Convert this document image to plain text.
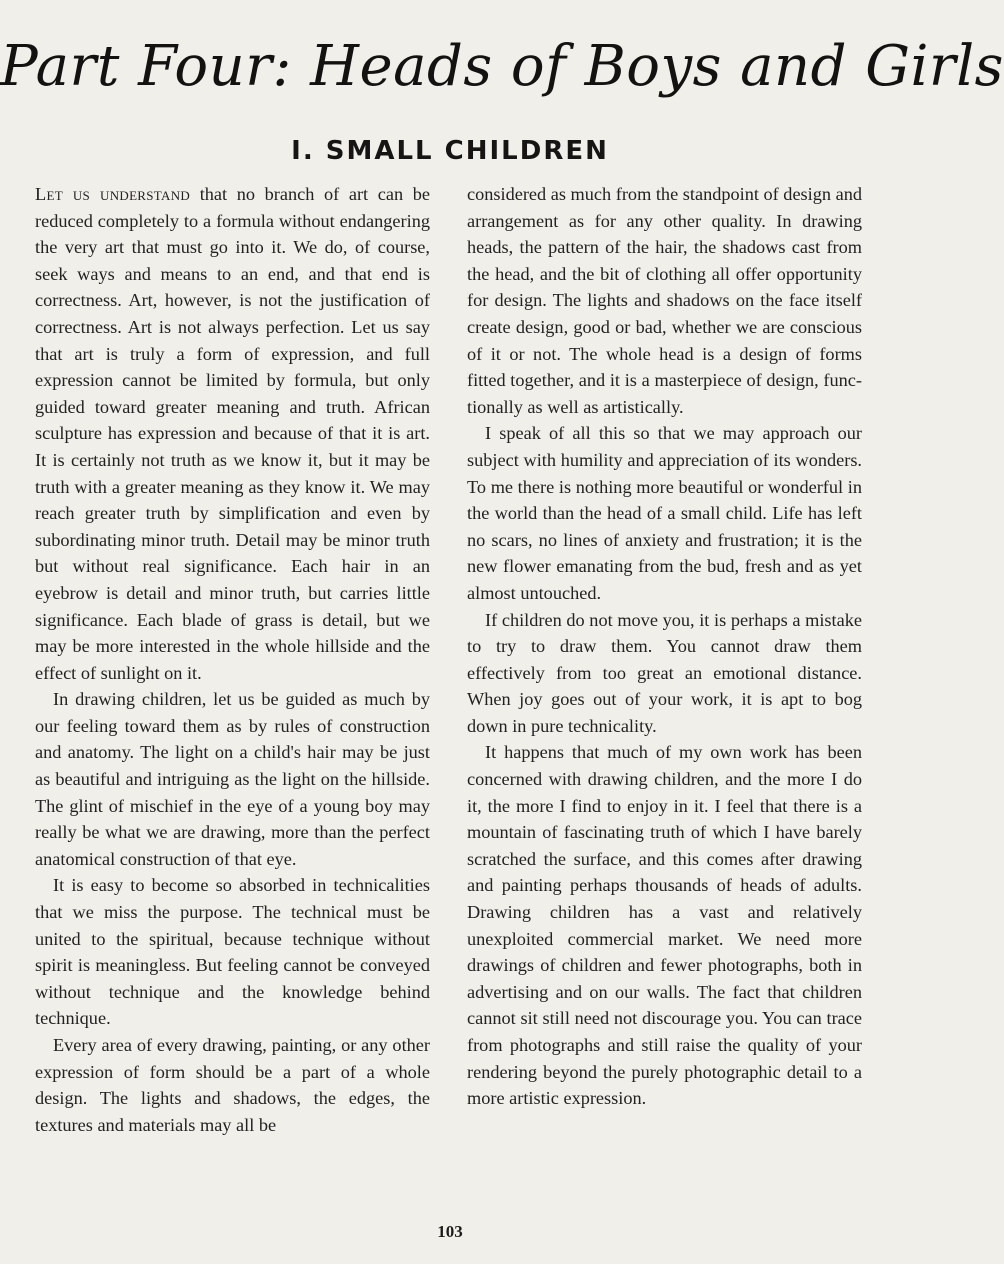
Part Four: Heads of Boys and Girls
I. SMALL CHILDREN

Let us understand that no branch of art can be reduced completely to a formula without endangering the very art that must go into it. We do, of course, seek ways and means to an end, and that end is correctness. Art, however, is not the justification of correctness. Art is not always perfection. Let us say that art is truly a form of expression, and full expression cannot be limited by formula, but only guided toward greater meaning and truth. African sculpture has expression and because of that it is art. It is certainly not truth as we know it, but it may be truth with a greater meaning as they know it. We may reach greater truth by simplification and even by subordinating minor truth. Detail may be minor truth but without real significance. Each hair in an eyebrow is detail and minor truth, but carries little significance. Each blade of grass is detail, but we may be more interested in the whole hillside and the effect of sunlight on it.

In drawing children, let us be guided as much by our feeling toward them as by rules of construction and anatomy. The light on a child's hair may be just as beautiful and intriguing as the light on the hillside. The glint of mischief in the eye of a young boy may really be what we are drawing, more than the perfect anatomical construction of that eye.

It is easy to become so absorbed in technicalities that we miss the purpose. The technical must be united to the spiritual, because technique without spirit is meaningless. But feeling cannot be conveyed without technique and the knowledge behind technique.

Every area of every drawing, painting, or any other expression of form should be a part of a whole design. The lights and shadows, the edges, the textures and materials may all be

considered as much from the standpoint of design and arrangement as for any other quality. In drawing heads, the pattern of the hair, the shadows cast from the head, and the bit of clothing all offer opportunity for design. The lights and shadows on the face itself create design, good or bad, whether we are conscious of it or not. The whole head is a design of forms fitted together, and it is a masterpiece of design, functionally as well as artistically.

I speak of all this so that we may approach our subject with humility and appreciation of its wonders. To me there is nothing more beautiful or wonderful in the world than the head of a small child. Life has left no scars, no lines of anxiety and frustration; it is the new flower emanating from the bud, fresh and as yet almost untouched.

If children do not move you, it is perhaps a mistake to try to draw them. You cannot draw them effectively from too great an emotional distance. When joy goes out of your work, it is apt to bog down in pure technicality.

It happens that much of my own work has been concerned with drawing children, and the more I do it, the more I find to enjoy in it. I feel that there is a mountain of fascinating truth of which I have barely scratched the surface, and this comes after drawing and painting perhaps thousands of heads of adults. Drawing children has a vast and relatively unexploited commercial market. We need more drawings of children and fewer photographs, both in advertising and on our walls. The fact that children cannot sit still need not discourage you. You can trace from photographs and still raise the quality of your rendering beyond the purely photographic detail to a more artistic expression.

103
